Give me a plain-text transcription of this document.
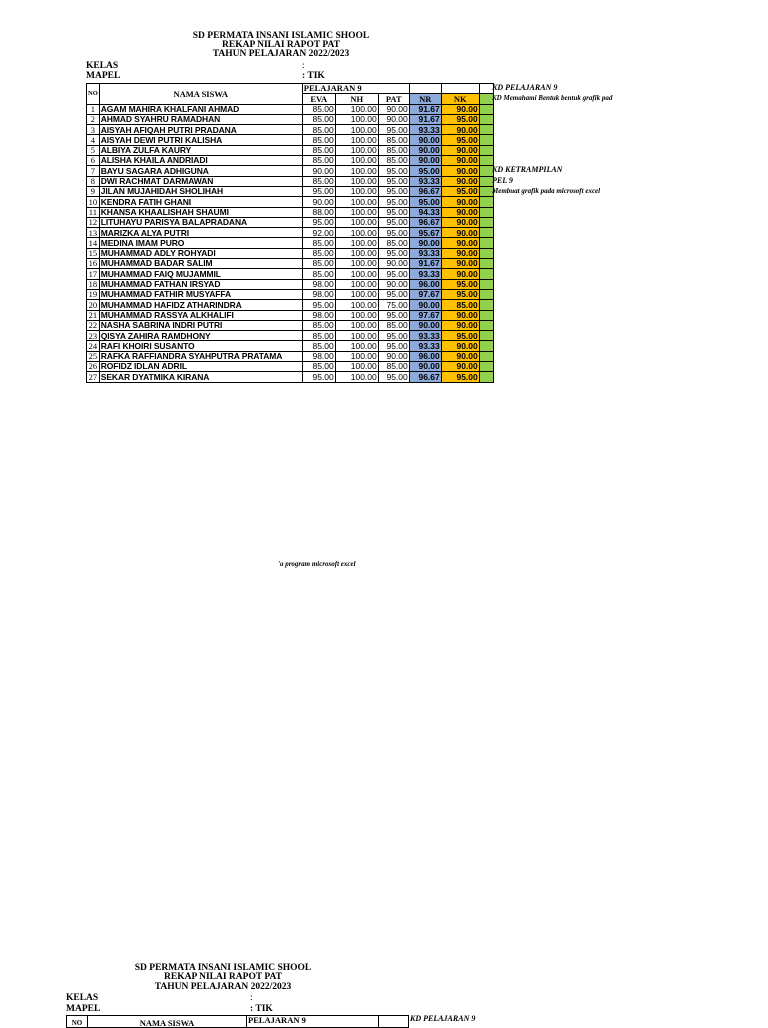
SD PERMATA INSANI ISLAMIC SHOOL
REKAP NILAI RAPOT PAT
TAHUN PELAJARAN 2022/2023
KELAS	:
MAPEL	: TIK
NO	NAMA SISWA	PELAJARAN 9					
		EVA	NH	PAT	NR	NK	
1	AGAM MAHIRA KHALFANI AHMAD	85.00	100.00	90.00	91.67	90.00	
2	AHMAD SYAHRU RAMADHAN	85.00	100.00	90.00	91.67	95.00	
3	AISYAH AFIQAH PUTRI PRADANA	85.00	100.00	95.00	93.33	90.00	
4	AISYAH DEWI PUTRI KALISHA	85.00	100.00	85.00	90.00	95.00	
5	ALBIYA ZULFA KAURY	85.00	100.00	85.00	90.00	90.00	
6	ALISHA KHAILA ANDRIADI	85.00	100.00	85.00	90.00	90.00	
7	BAYU SAGARA ADHIGUNA	90.00	100.00	95.00	95.00	90.00	
8	DWI RACHMAT DARMAWAN	85.00	100.00	95.00	93.33	90.00	
9	JILAN MUJAHIDAH SHOLIHAH	95.00	100.00	95.00	96.67	95.00	
10	KENDRA FATIH GHANI	90.00	100.00	95.00	95.00	90.00	
11	KHANSA KHAALISHAH SHAUMI	88.00	100.00	95.00	94.33	90.00	
12	LITUHAYU PARISYA BALAPRADANA	95.00	100.00	95.00	96.67	90.00	
13	MARIZKA ALYA PUTRI	92.00	100.00	95.00	95.67	90.00	
14	MEDINA IMAM PURO	85.00	100.00	85.00	90.00	90.00	
15	MUHAMMAD ADLY ROHYADI	85.00	100.00	95.00	93.33	90.00	
16	MUHAMMAD BADAR SALIM	85.00	100.00	90.00	91.67	90.00	
17	MUHAMMAD FAIQ MUJAMMIL	85.00	100.00	95.00	93.33	90.00	
18	MUHAMMAD FATHAN IRSYAD	98.00	100.00	90.00	96.00	95.00	
19	MUHAMMAD FATHIR MUSYAFFA	98.00	100.00	95.00	97.67	95.00	
20	MUHAMMAD HAFIDZ ATHARINDRA	95.00	100.00	75.00	90.00	85.00	
21	MUHAMMAD RASSYA ALKHALIFI	98.00	100.00	95.00	97.67	90.00	
22	NASHA SABRINA INDRI PUTRI	85.00	100.00	85.00	90.00	90.00	
23	QISYA ZAHIRA RAMDHONY	85.00	100.00	95.00	93.33	95.00	
24	RAFI KHOIRI SUSANTO	85.00	100.00	95.00	93.33	90.00	
25	RAFKA RAFFIANDRA SYAHPUTRA PRATAMA	98.00	100.00	90.00	96.00	90.00	
26	ROFIDZ IDLAN ADRIL	85.00	100.00	85.00	90.00	90.00	
27	SEKAR DYATMIKA KIRANA	95.00	100.00	95.00	96.67	95.00	
KD PELAJARAN 9
KD Memahami Bentuk bentuk grafik pad
KD KETRAMPILAN
PEL 9
Membuat grafik pada microsoft excel
'a program microsoft excel
SD PERMATA INSANI ISLAMIC SHOOL
REKAP NILAI RAPOT PAT
TAHUN PELAJARAN 2022/2023
KELAS	:
MAPEL	: TIK
NO	NAMA SISWA	PELAJARAN 9		KD PELAJARAN 9
